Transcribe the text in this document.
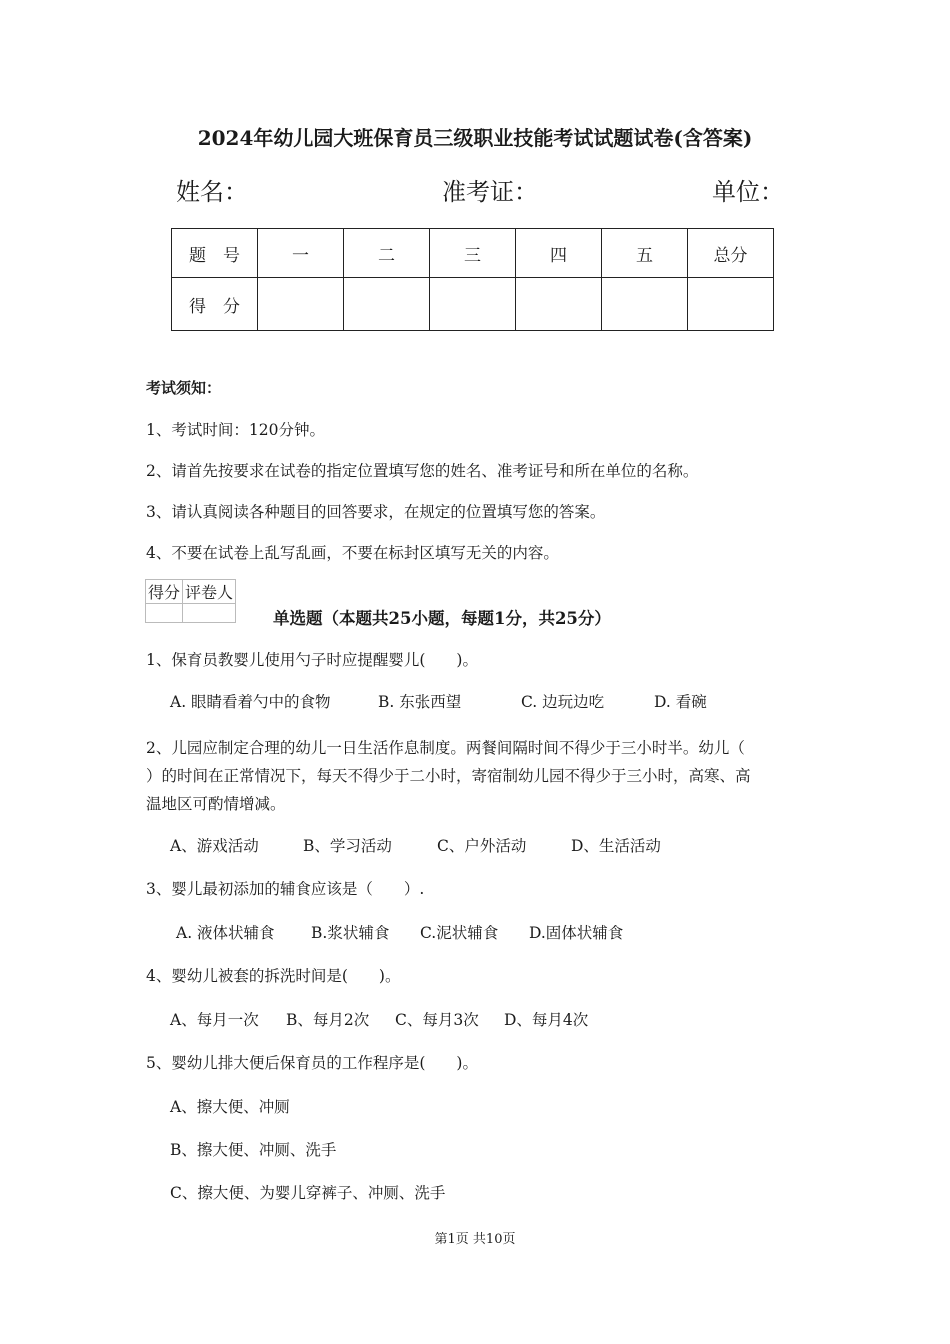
2024年幼儿园大班保育员三级职业技能考试试题试卷(含答案)
姓名：	准考证：	单位：
题　号	一	二	三	四	五	总分
得　分						
考试须知：
1、考试时间：120分钟。
2、请首先按要求在试卷的指定位置填写您的姓名、准考证号和所在单位的名称。
3、请认真阅读各种题目的回答要求，在规定的位置填写您的答案。
4、不要在试卷上乱写乱画，不要在标封区填写无关的内容。
得分	评卷人

单选题（本题共25小题，每题1分，共25分）
1、保育员教婴儿使用勺子时应提醒婴儿(　　)。
A. 眼睛看着勺中的食物	B. 东张西望	C. 边玩边吃	D. 看碗
2、儿园应制定合理的幼儿一日生活作息制度。两餐间隔时间不得少于三小时半。幼儿（
）的时间在正常情况下，每天不得少于二小时，寄宿制幼儿园不得少于三小时，高寒、高
温地区可酌情增减。
A、游戏活动	B、学习活动	C、户外活动	D、生活活动
3、婴儿最初添加的辅食应该是（　　）.
A. 液体状辅食 B.浆状辅食 C.泥状辅食 D.固体状辅食
4、婴幼儿被套的拆洗时间是(　　)。
A、每月一次 B、每月2次 C、每月3次 D、每月4次
5、婴幼儿排大便后保育员的工作程序是(　　)。
A、擦大便、冲厕
B、擦大便、冲厕、洗手
C、擦大便、为婴儿穿裤子、冲厕、洗手
第1页 共10页
